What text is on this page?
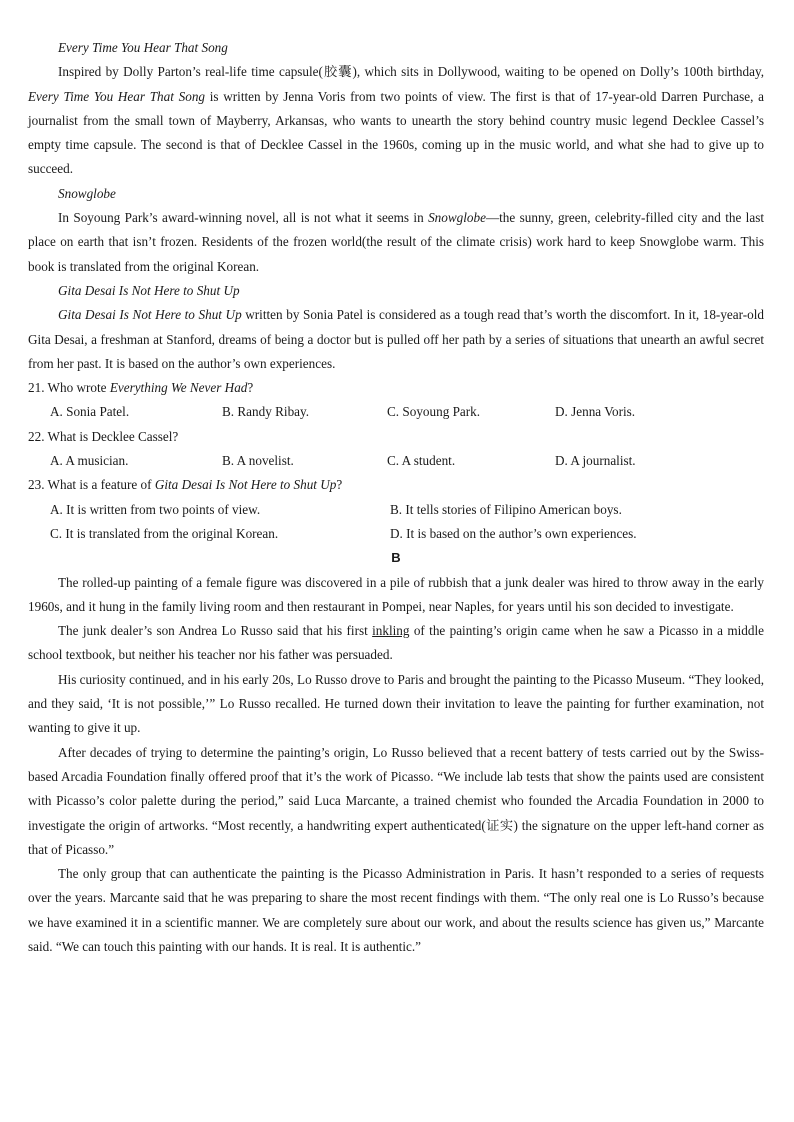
Every Time You Hear That Song

Inspired by Dolly Parton’s real-life time capsule(胶囊), which sits in Dollywood, waiting to be opened on Dolly’s 100th birthday, Every Time You Hear That Song is written by Jenna Voris from two points of view. The first is that of 17-year-old Darren Purchase, a journalist from the small town of Mayberry, Arkansas, who wants to unearth the story behind country music legend Decklee Cassel’s empty time capsule. The second is that of Decklee Cassel in the 1960s, coming up in the music world, and what she had to give up to succeed.

Snowglobe

In Soyoung Park’s award-winning novel, all is not what it seems in Snowglobe—the sunny, green, celebrity-filled city and the last place on earth that isn’t frozen. Residents of the frozen world(the result of the climate crisis) work hard to keep Snowglobe warm. This book is translated from the original Korean.

Gita Desai Is Not Here to Shut Up

Gita Desai Is Not Here to Shut Up written by Sonia Patel is considered as a tough read that’s worth the discomfort. In it, 18-year-old Gita Desai, a freshman at Stanford, dreams of being a doctor but is pulled off her path by a series of situations that unearth an awful secret from her past. It is based on the author’s own experiences.

21. Who wrote Everything We Never Had?

A. Sonia Patel.	B. Randy Ribay.	C. Soyoung Park.	D. Jenna Voris.

22. What is Decklee Cassel?

A. A musician.	B. A novelist.	C. A student.	D. A journalist.

23. What is a feature of Gita Desai Is Not Here to Shut Up?

A. It is written from two points of view.	B. It tells stories of Filipino American boys.
C. It is translated from the original Korean.	D. It is based on the author’s own experiences.

B

The rolled-up painting of a female figure was discovered in a pile of rubbish that a junk dealer was hired to throw away in the early 1960s, and it hung in the family living room and then restaurant in Pompei, near Naples, for years until his son decided to investigate.

The junk dealer’s son Andrea Lo Russo said that his first inkling of the painting’s origin came when he saw a Picasso in a middle school textbook, but neither his teacher nor his father was persuaded.

His curiosity continued, and in his early 20s, Lo Russo drove to Paris and brought the painting to the Picasso Museum. “They looked, and they said, ‘It is not possible,’” Lo Russo recalled. He turned down their invitation to leave the painting for further examination, not wanting to give it up.

After decades of trying to determine the painting’s origin, Lo Russo believed that a recent battery of tests carried out by the Swiss-based Arcadia Foundation finally offered proof that it’s the work of Picasso. “We include lab tests that show the paints used are consistent with Picasso’s color palette during the period,” said Luca Marcante, a trained chemist who founded the Arcadia Foundation in 2000 to investigate the origin of artworks. “Most recently, a handwriting expert authenticated(证实) the signature on the upper left-hand corner as that of Picasso.”

The only group that can authenticate the painting is the Picasso Administration in Paris. It hasn’t responded to a series of requests over the years. Marcante said that he was preparing to share the most recent findings with them. “The only real one is Lo Russo’s because we have examined it in a scientific manner. We are completely sure about our work, and about the results science has given us,” Marcante said. “We can touch this painting with our hands. It is real. It is authentic.”
